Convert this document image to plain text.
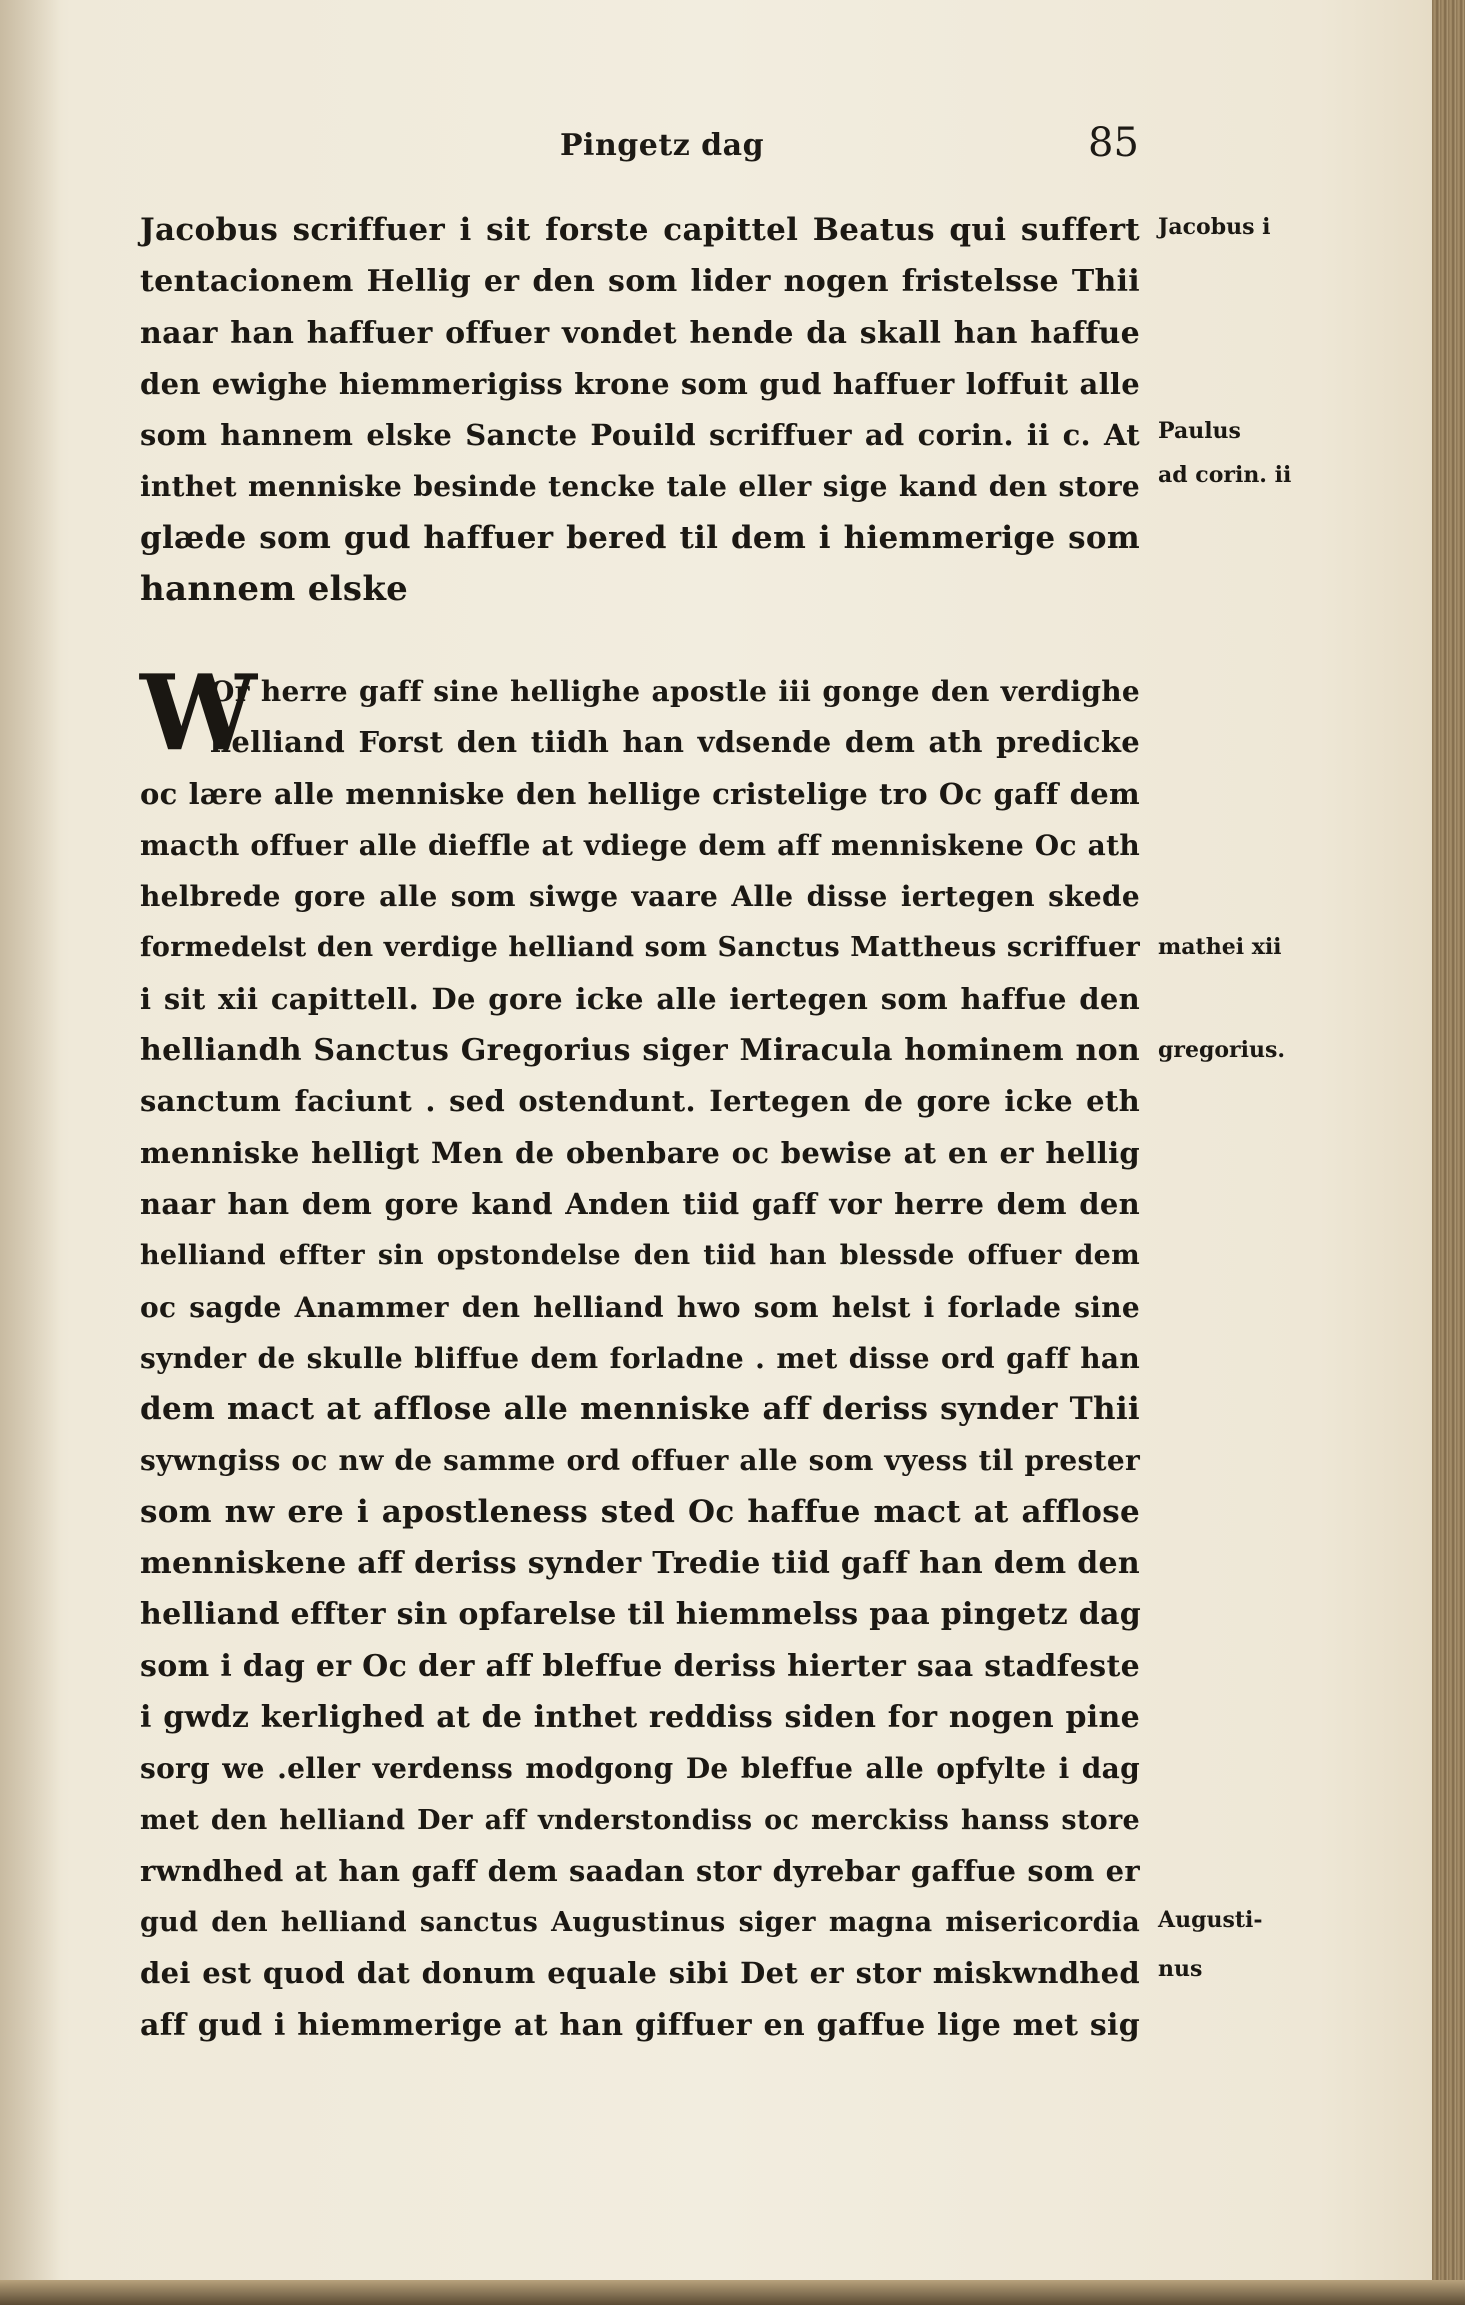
Pingetz dag	85
Jacobus scriffuer i sit forste capittel Beatus qui suffert
tentacionem Hellig er den som lider nogen fristelsse Thii
naar han haffuer offuer vondet hende da skall han haffue
den ewighe hiemmerigiss krone som gud haffuer loffuit alle
som hannem elske Sancte Pouild scriffuer ad corin. ii c. At
inthet menniske besinde tencke tale eller sige kand den store
glæde som gud haffuer bered til dem i hiemmerige som
hannem elske
W
Or herre gaff sine hellighe apostle iii gonge den verdighe
helliand Forst den tiidh han vdsende dem ath predicke
oc lære alle menniske den hellige cristelige tro Oc gaff dem
macth offuer alle dieffle at vdiege dem aff menniskene Oc ath
helbrede gore alle som siwge vaare Alle disse iertegen skede
formedelst den verdige helliand som Sanctus Mattheus scriffuer
i sit xii capittell. De gore icke alle iertegen som haffue den
helliandh Sanctus Gregorius siger Miracula hominem non
sanctum faciunt . sed ostendunt. Iertegen de gore icke eth
menniske helligt Men de obenbare oc bewise at en er hellig
naar han dem gore kand Anden tiid gaff vor herre dem den
helliand effter sin opstondelse den tiid han blessde offuer dem
oc sagde Anammer den helliand hwo som helst i forlade sine
synder de skulle bliffue dem forladne . met disse ord gaff han
dem mact at afflose alle menniske aff deriss synder Thii
sywngiss oc nw de samme ord offuer alle som vyess til prester
som nw ere i apostleness sted Oc haffue mact at afflose
menniskene aff deriss synder Tredie tiid gaff han dem den
helliand effter sin opfarelse til hiemmelss paa pingetz dag
som i dag er Oc der aff bleffue deriss hierter saa stadfeste
i gwdz kerlighed at de inthet reddiss siden for nogen pine
sorg we .eller verdenss modgong De bleffue alle opfylte i dag
met den helliand Der aff vnderstondiss oc merckiss hanss store
rwndhed at han gaff dem saadan stor dyrebar gaffue som er
gud den helliand sanctus Augustinus siger magna misericordia
dei est quod dat donum equale sibi Det er stor miskwndhed
aff gud i hiemmerige at han giffuer en gaffue lige met sig
Jacobus i
Paulus
ad corin. ii
mathei xii
gregorius.
Augusti-
nus
